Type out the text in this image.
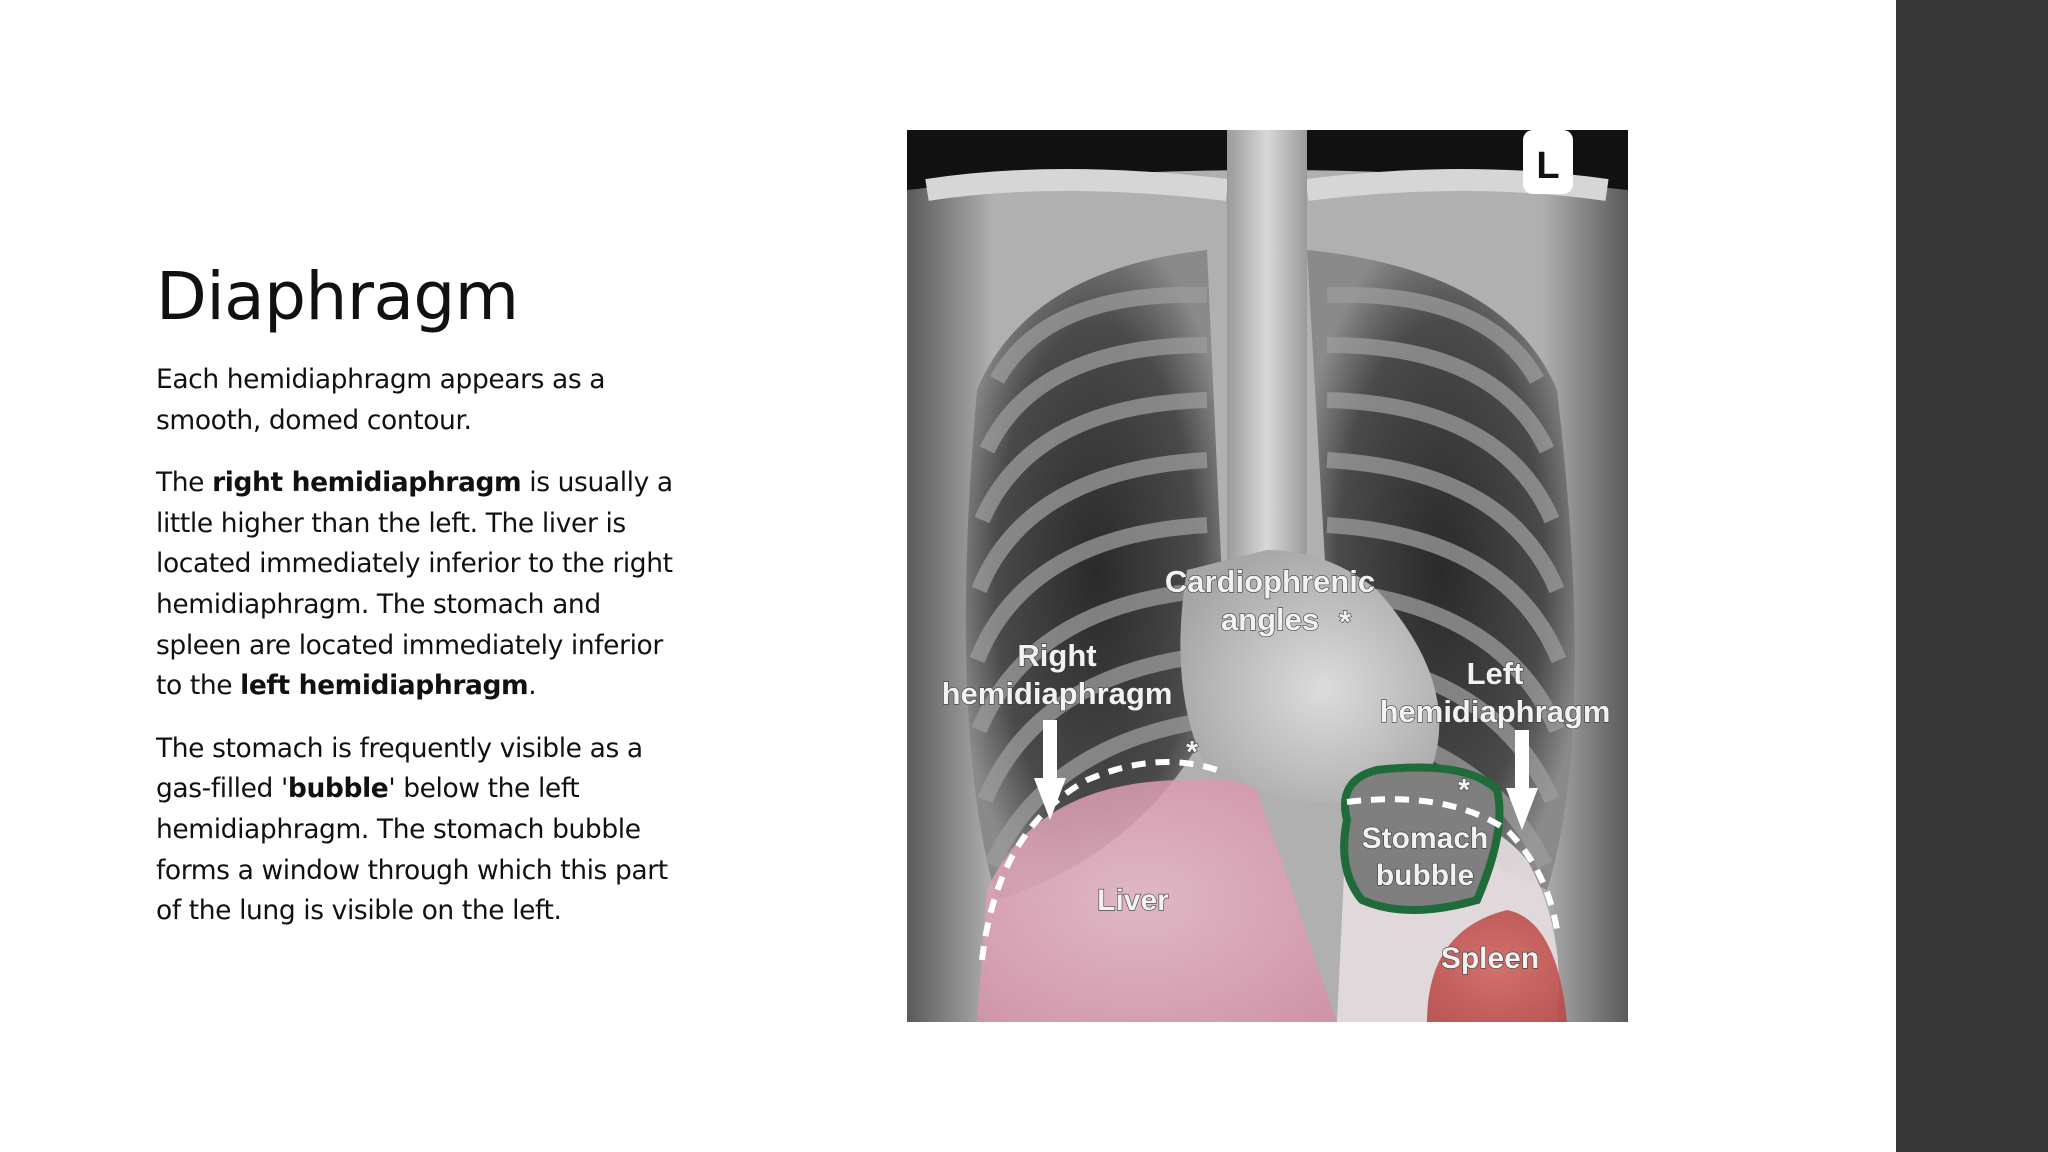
Diaphragm

Each hemidiaphragm appears as a smooth, domed contour.

The right hemidiaphragm is usually a little higher than the left. The liver is located immediately inferior to the right hemidiaphragm. The stomach and spleen are located immediately inferior to the left hemidiaphragm.

The stomach is frequently visible as a gas-filled 'bubble' below the left hemidiaphragm. The stomach bubble forms a window through which this part of the lung is visible on the left.

L
Cardiophrenic
angles *
Right
hemidiaphragm
Left
hemidiaphragm
*
*
Stomach
bubble
Liver
Spleen
